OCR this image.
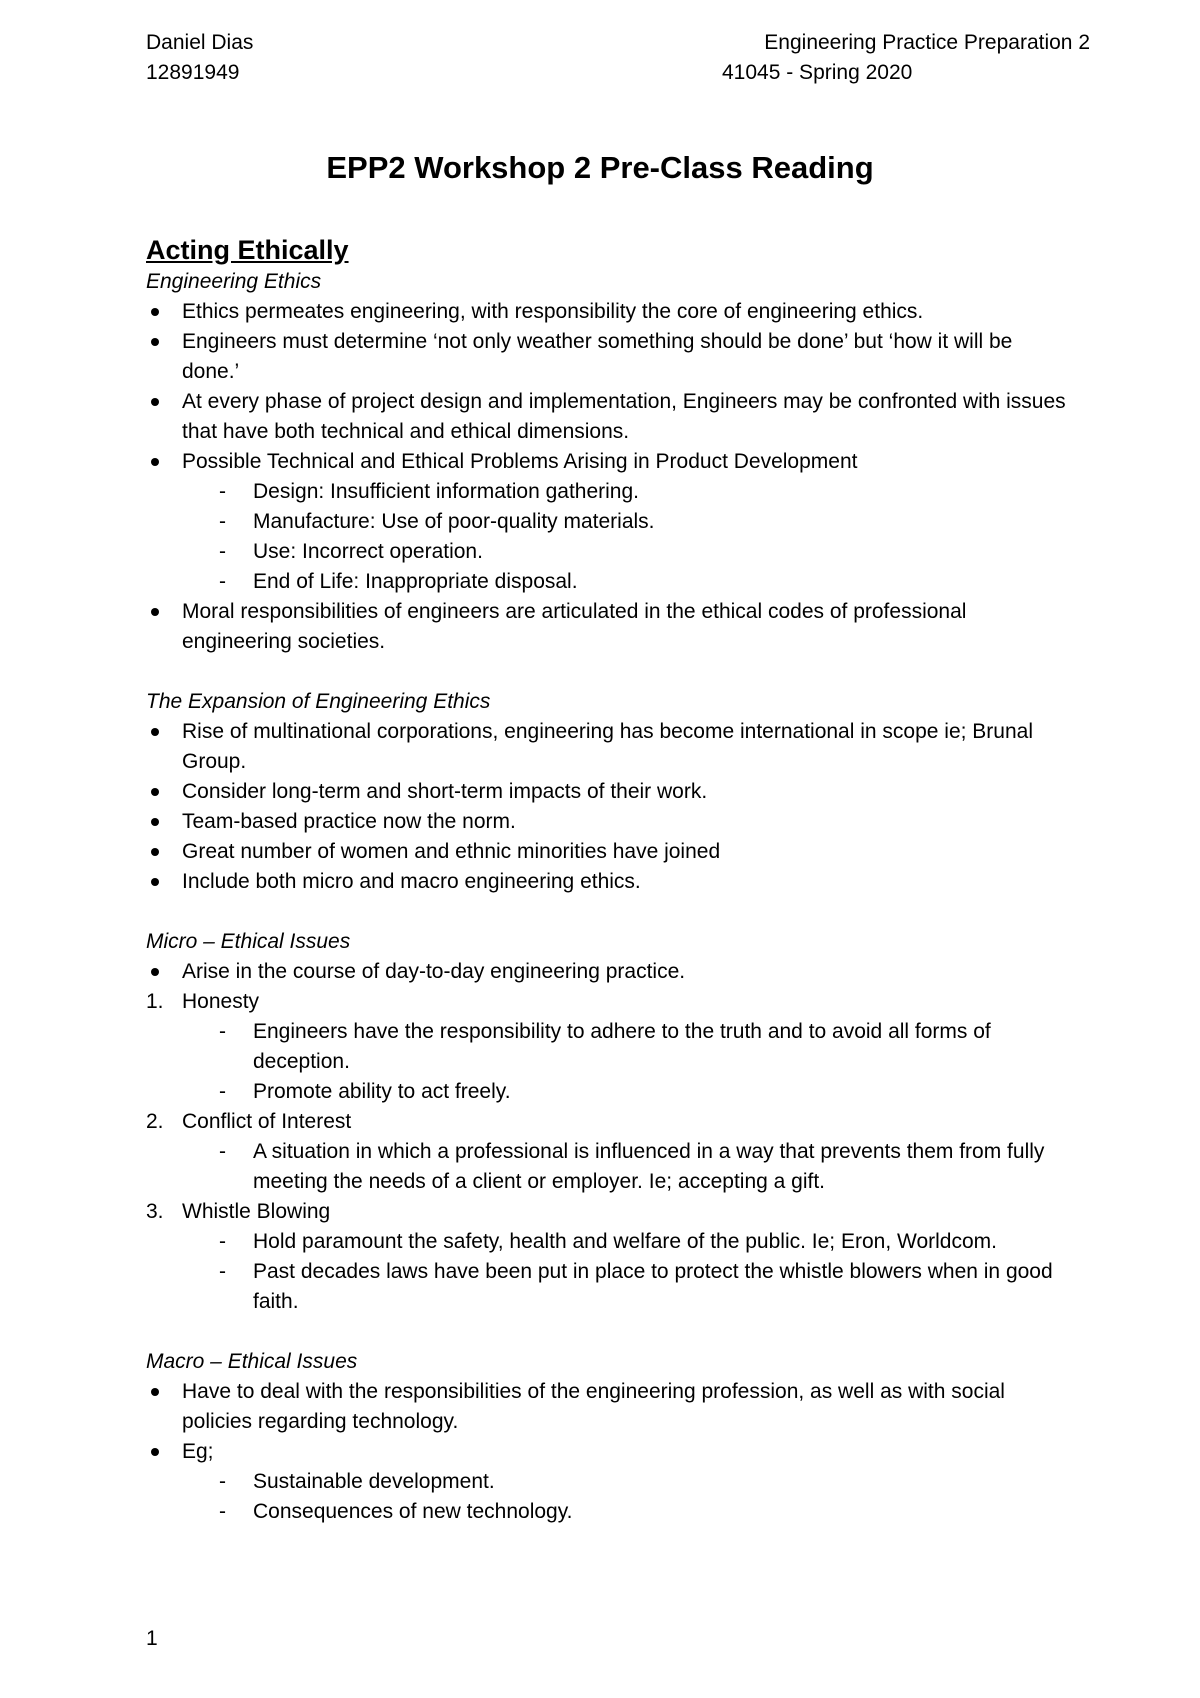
Daniel Dias
12891949
Engineering Practice Preparation 2
41045 - Spring 2020
EPP2 Workshop 2 Pre-Class Reading
Acting Ethically
Engineering Ethics
Ethics permeates engineering, with responsibility the core of engineering ethics.
Engineers must determine ‘not only weather something should be done’ but ‘how it will be done.’
At every phase of project design and implementation, Engineers may be confronted with issues that have both technical and ethical dimensions.
Possible Technical and Ethical Problems Arising in Product Development
- Design: Insufficient information gathering.
- Manufacture: Use of poor-quality materials.
- Use: Incorrect operation.
- End of Life: Inappropriate disposal.
Moral responsibilities of engineers are articulated in the ethical codes of professional engineering societies.
The Expansion of Engineering Ethics
Rise of multinational corporations, engineering has become international in scope ie; Brunal Group.
Consider long-term and short-term impacts of their work.
Team-based practice now the norm.
Great number of women and ethnic minorities have joined
Include both micro and macro engineering ethics.
Micro – Ethical Issues
Arise in the course of day-to-day engineering practice.
1. Honesty
- Engineers have the responsibility to adhere to the truth and to avoid all forms of deception.
- Promote ability to act freely.
2. Conflict of Interest
- A situation in which a professional is influenced in a way that prevents them from fully meeting the needs of a client or employer. Ie; accepting a gift.
3. Whistle Blowing
- Hold paramount the safety, health and welfare of the public. Ie; Eron, Worldcom.
- Past decades laws have been put in place to protect the whistle blowers when in good faith.
Macro – Ethical Issues
Have to deal with the responsibilities of the engineering profession, as well as with social policies regarding technology.
Eg;
- Sustainable development.
- Consequences of new technology.
1
